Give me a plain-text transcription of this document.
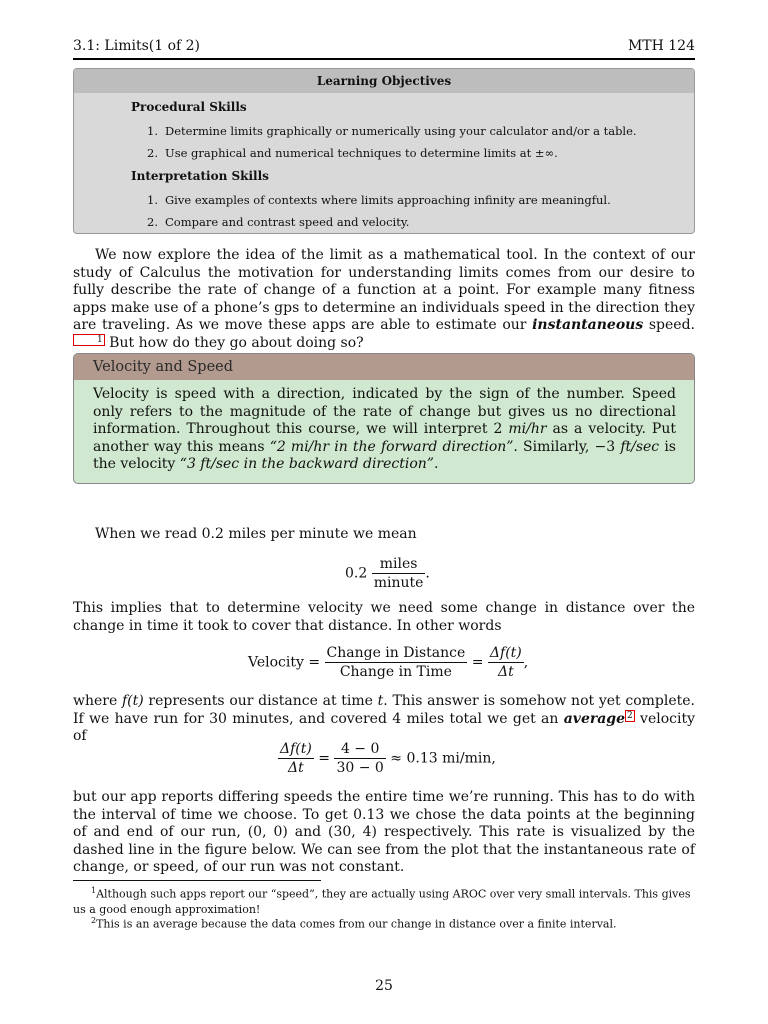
3.1: Limits(1 of 2)	MTH 124
Learning Objectives
Procedural Skills
1. Determine limits graphically or numerically using your calculator and/or a table.
2. Use graphical and numerical techniques to determine limits at ±∞.
Interpretation Skills
1. Give examples of contexts where limits approaching infinity are meaningful.
2. Compare and contrast speed and velocity.
We now explore the idea of the limit as a mathematical tool. In the context of our study of Calculus the motivation for understanding limits comes from our desire to fully describe the rate of change of a function at a point. For example many fitness apps make use of a phone’s gps to determine an individuals speed in the direction they are traveling. As we move these apps are able to estimate our instantaneous speed.$^1$ But how do they go about doing so?
Velocity and Speed
Velocity is speed with a direction, indicated by the sign of the number. Speed only refers to the magnitude of the rate of change but gives us no directional information. Throughout this course, we will interpret 2 mi/hr as a velocity. Put another way this means “2 mi/hr in the forward direction”. Similarly, −3 ft/sec is the velocity “3 ft/sec in the backward direction”.
When we read 0.2 miles per minute we mean
$0.2 \frac{\text{miles}}{\text{minute}}$ .
This implies that to determine velocity we need some change in distance over the change in time it took to cover that distance. In other words
Velocity = $\frac{\text{Change in Distance}}{\text{Change in Time}} = \frac{\Delta f(t)}{\Delta t}$ ,
where f(t) represents our distance at time t. This answer is somehow not yet complete. If we have run for 30 minutes, and covered 4 miles total we get an average $^2$ velocity of
$\frac{\Delta f(t)}{\Delta t} = \frac{4 - 0}{30 - 0} \approx 0.13$ mi/min,
but our app reports differing speeds the entire time we’re running. This has to do with the interval of time we choose. To get 0.13 we chose the data points at the beginning of and end of our run, (0, 0) and (30, 4) respectively. This rate is visualized by the dashed line in the figure below. We can see from the plot that the instantaneous rate of change, or speed, of our run was not constant.
$^1$Although such apps report our “speed”, they are actually using AROC over very small intervals. This gives us a good enough approximation!
$^2$This is an average because the data comes from our change in distance over a finite interval.
25
